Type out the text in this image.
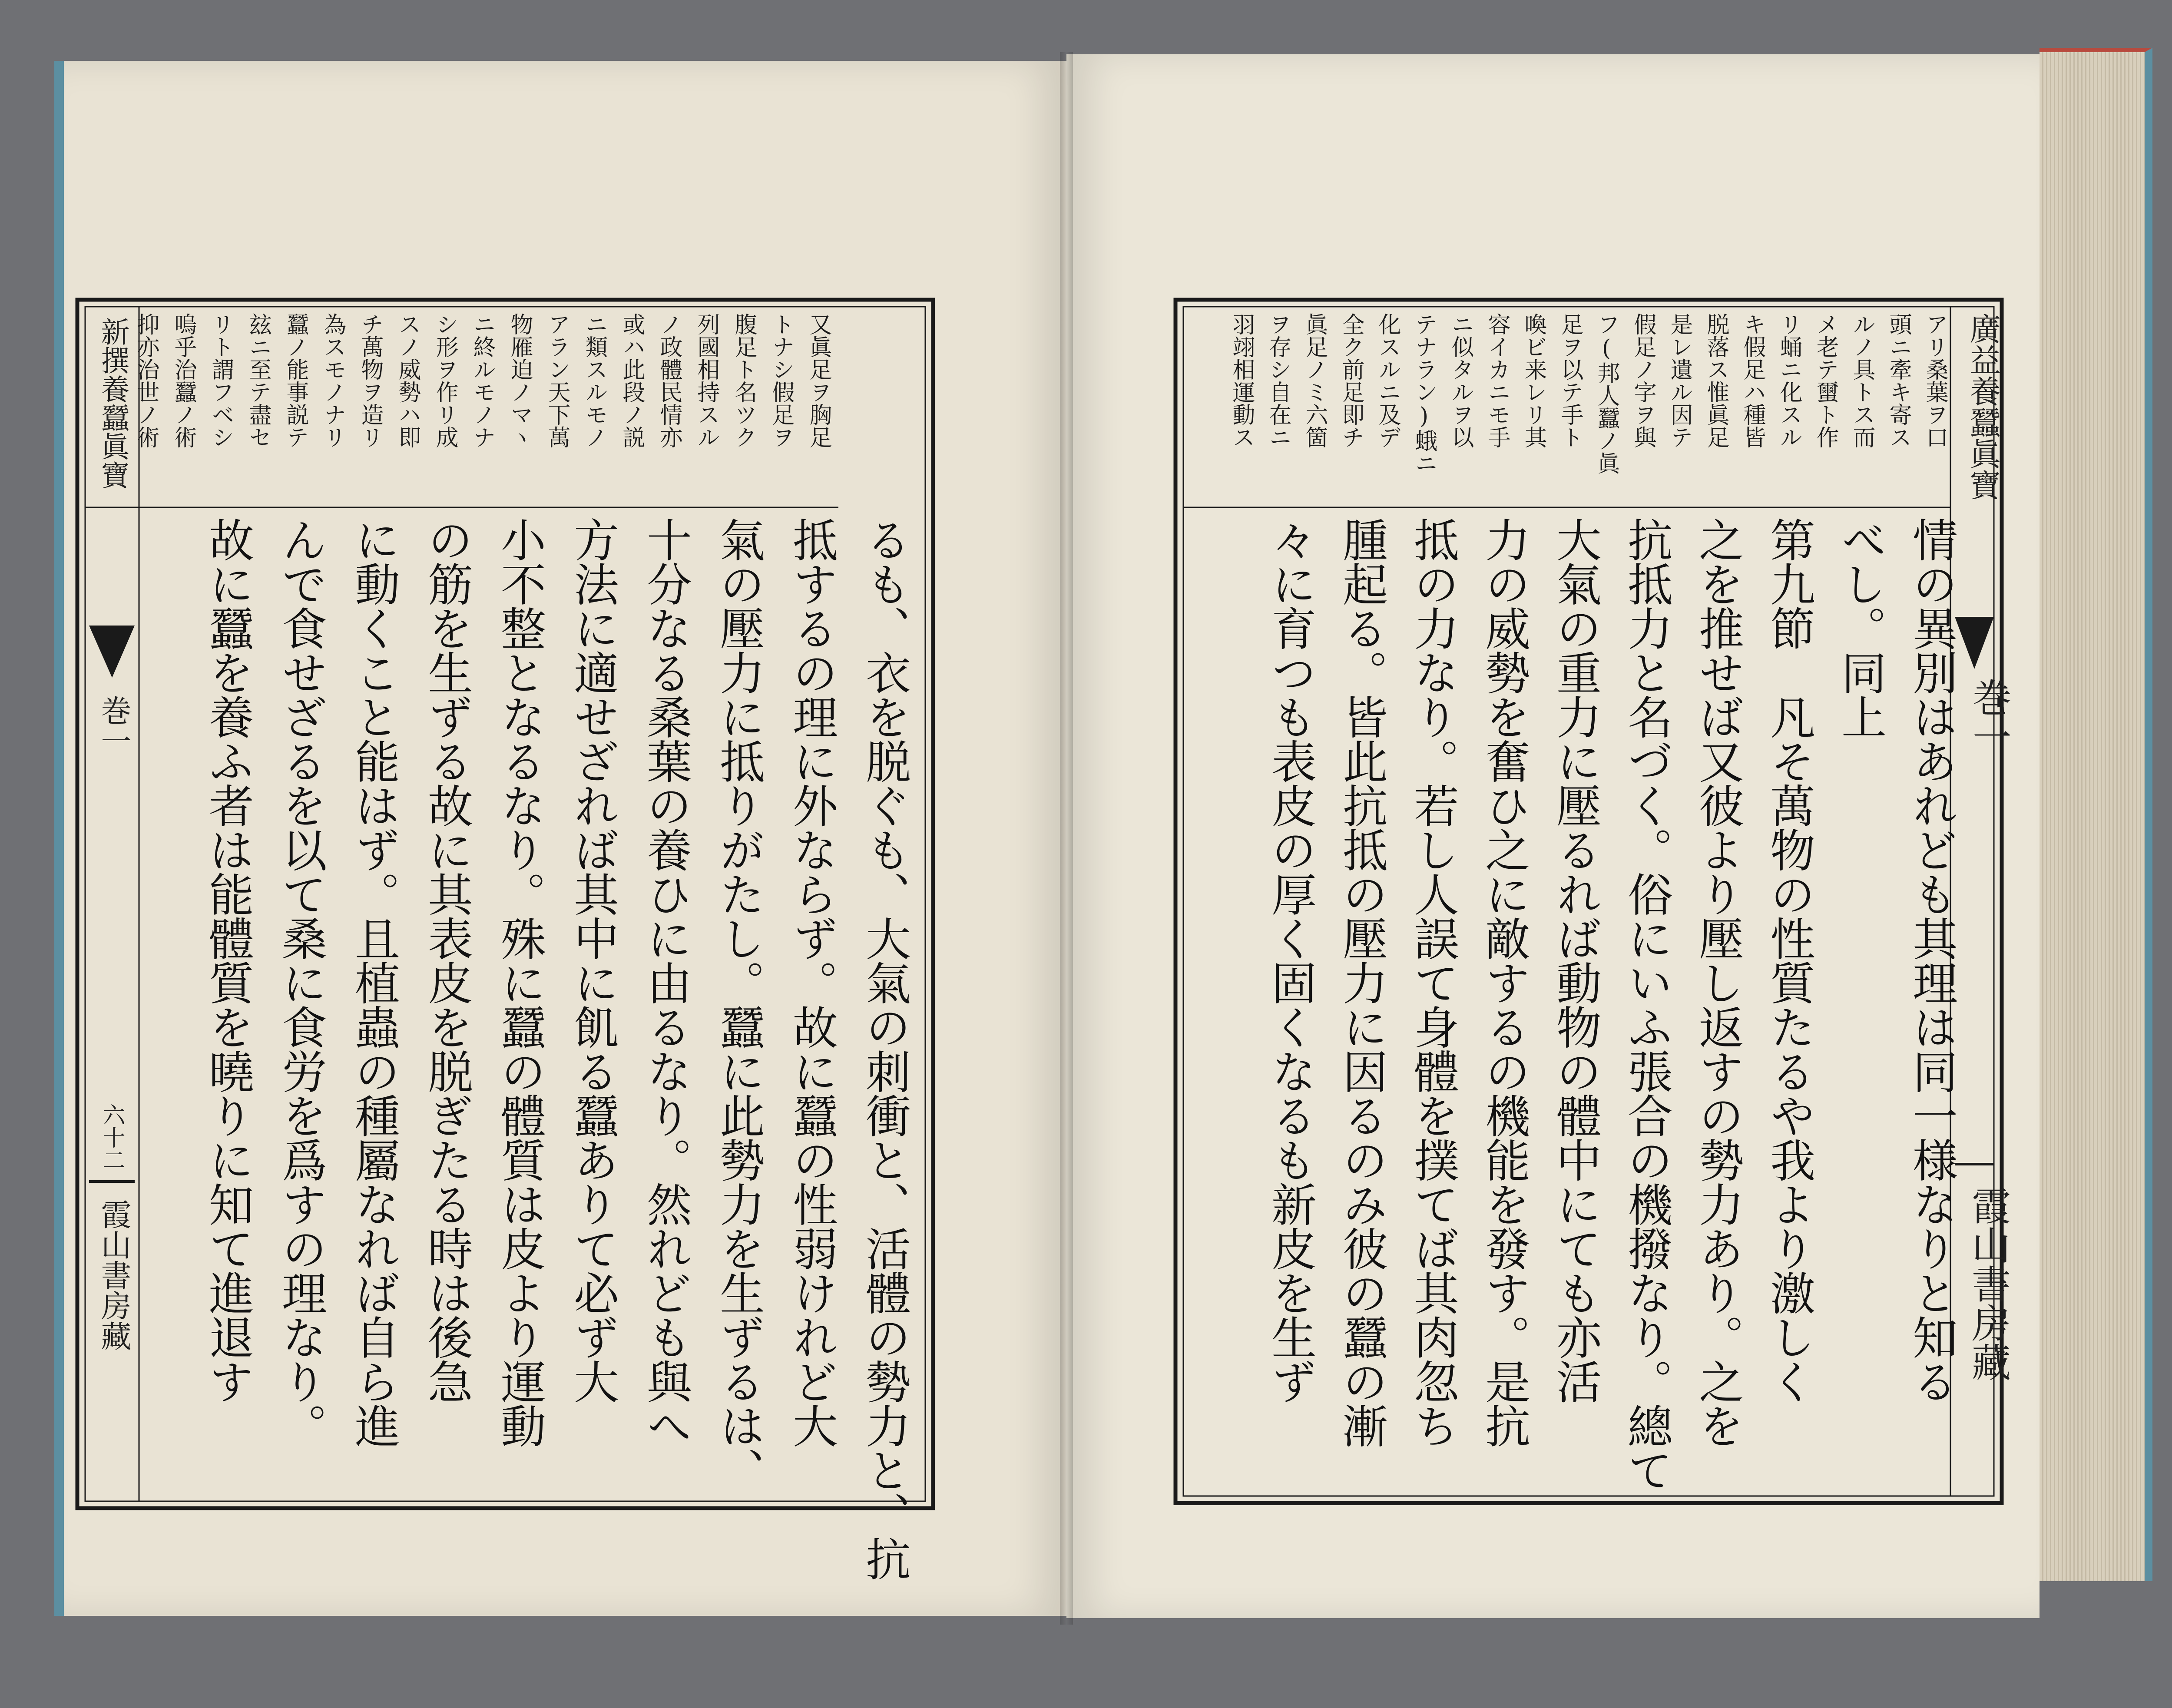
新撰養蠶眞寶
巻一
六十二
霞山書房藏
又眞足ヲ胸足
トナシ假足ヲ
腹足ト名ツク
列國相持スル
ノ政體民情亦
或ハ此段ノ説
ニ類スルモノ
アラン天下萬
物雁迫ノマヽ
ニ終ルモノナ
シ形ヲ作リ成
スノ威勢ハ即
チ萬物ヲ造リ
為スモノナリ
蠶ノ能事説テ
玆ニ至テ盡セ
リト謂フベシ
嗚乎治蠶ノ術
抑亦治世ノ術
るも、衣を脱ぐも、大氣の刺衝と、活體の勢力と、抗
抵するの理に外ならず。故に蠶の性弱けれど大
氣の壓力に抵りがたし。蠶に此勢力を生ずるは、
十分なる桑葉の養ひに由るなり。然れども與へ
方法に適せざれば其中に飢る蠶ありて必ず大
小不整となるなり。殊に蠶の體質は皮より運動
の筋を生ずる故に其表皮を脱ぎたる時は後急
に動くこと能はず。且植蟲の種屬なれば自ら進
んで食せざるを以て桑に食労を爲すの理なり。
故に蠶を養ふ者は能體質を曉りに知て進退す
廣益養蠶眞寶
巻一
霞山書房藏
アリ桑葉ヲ口
頭ニ牽キ寄ス
ルノ具トス而
メ老テ蠒ト作
リ蛹ニ化スル
キ假足ハ種皆
脱落ス惟眞足
是レ遺ル因テ
假足ノ字ヲ與
フ(邦人蠶ノ眞
足ヲ以テ手ト
喚ビ来レリ其
容イカニモ手
ニ似タルヲ以
テナラン)蛾ニ
化スルニ及デ
全ク前足即チ
眞足ノミ六箇
ヲ存シ自在ニ
羽翊相運動ス
情の異別はあれども其理は同一様なりと知る
べし。同上
第九節　凡そ萬物の性質たるや我より激しく
之を推せば又彼より壓し返すの勢力あり。之を
抗抵力と名づく。俗にいふ張合の機撥なり。總て
大氣の重力に壓るれば動物の體中にても亦活
力の威勢を奮ひ之に敵するの機能を發す。是抗
抵の力なり。若し人誤て身體を撲てば其肉忽ち
腫起る。皆此抗抵の壓力に因るのみ彼の蠶の漸
々に育つも表皮の厚く固くなるも新皮を生ず
